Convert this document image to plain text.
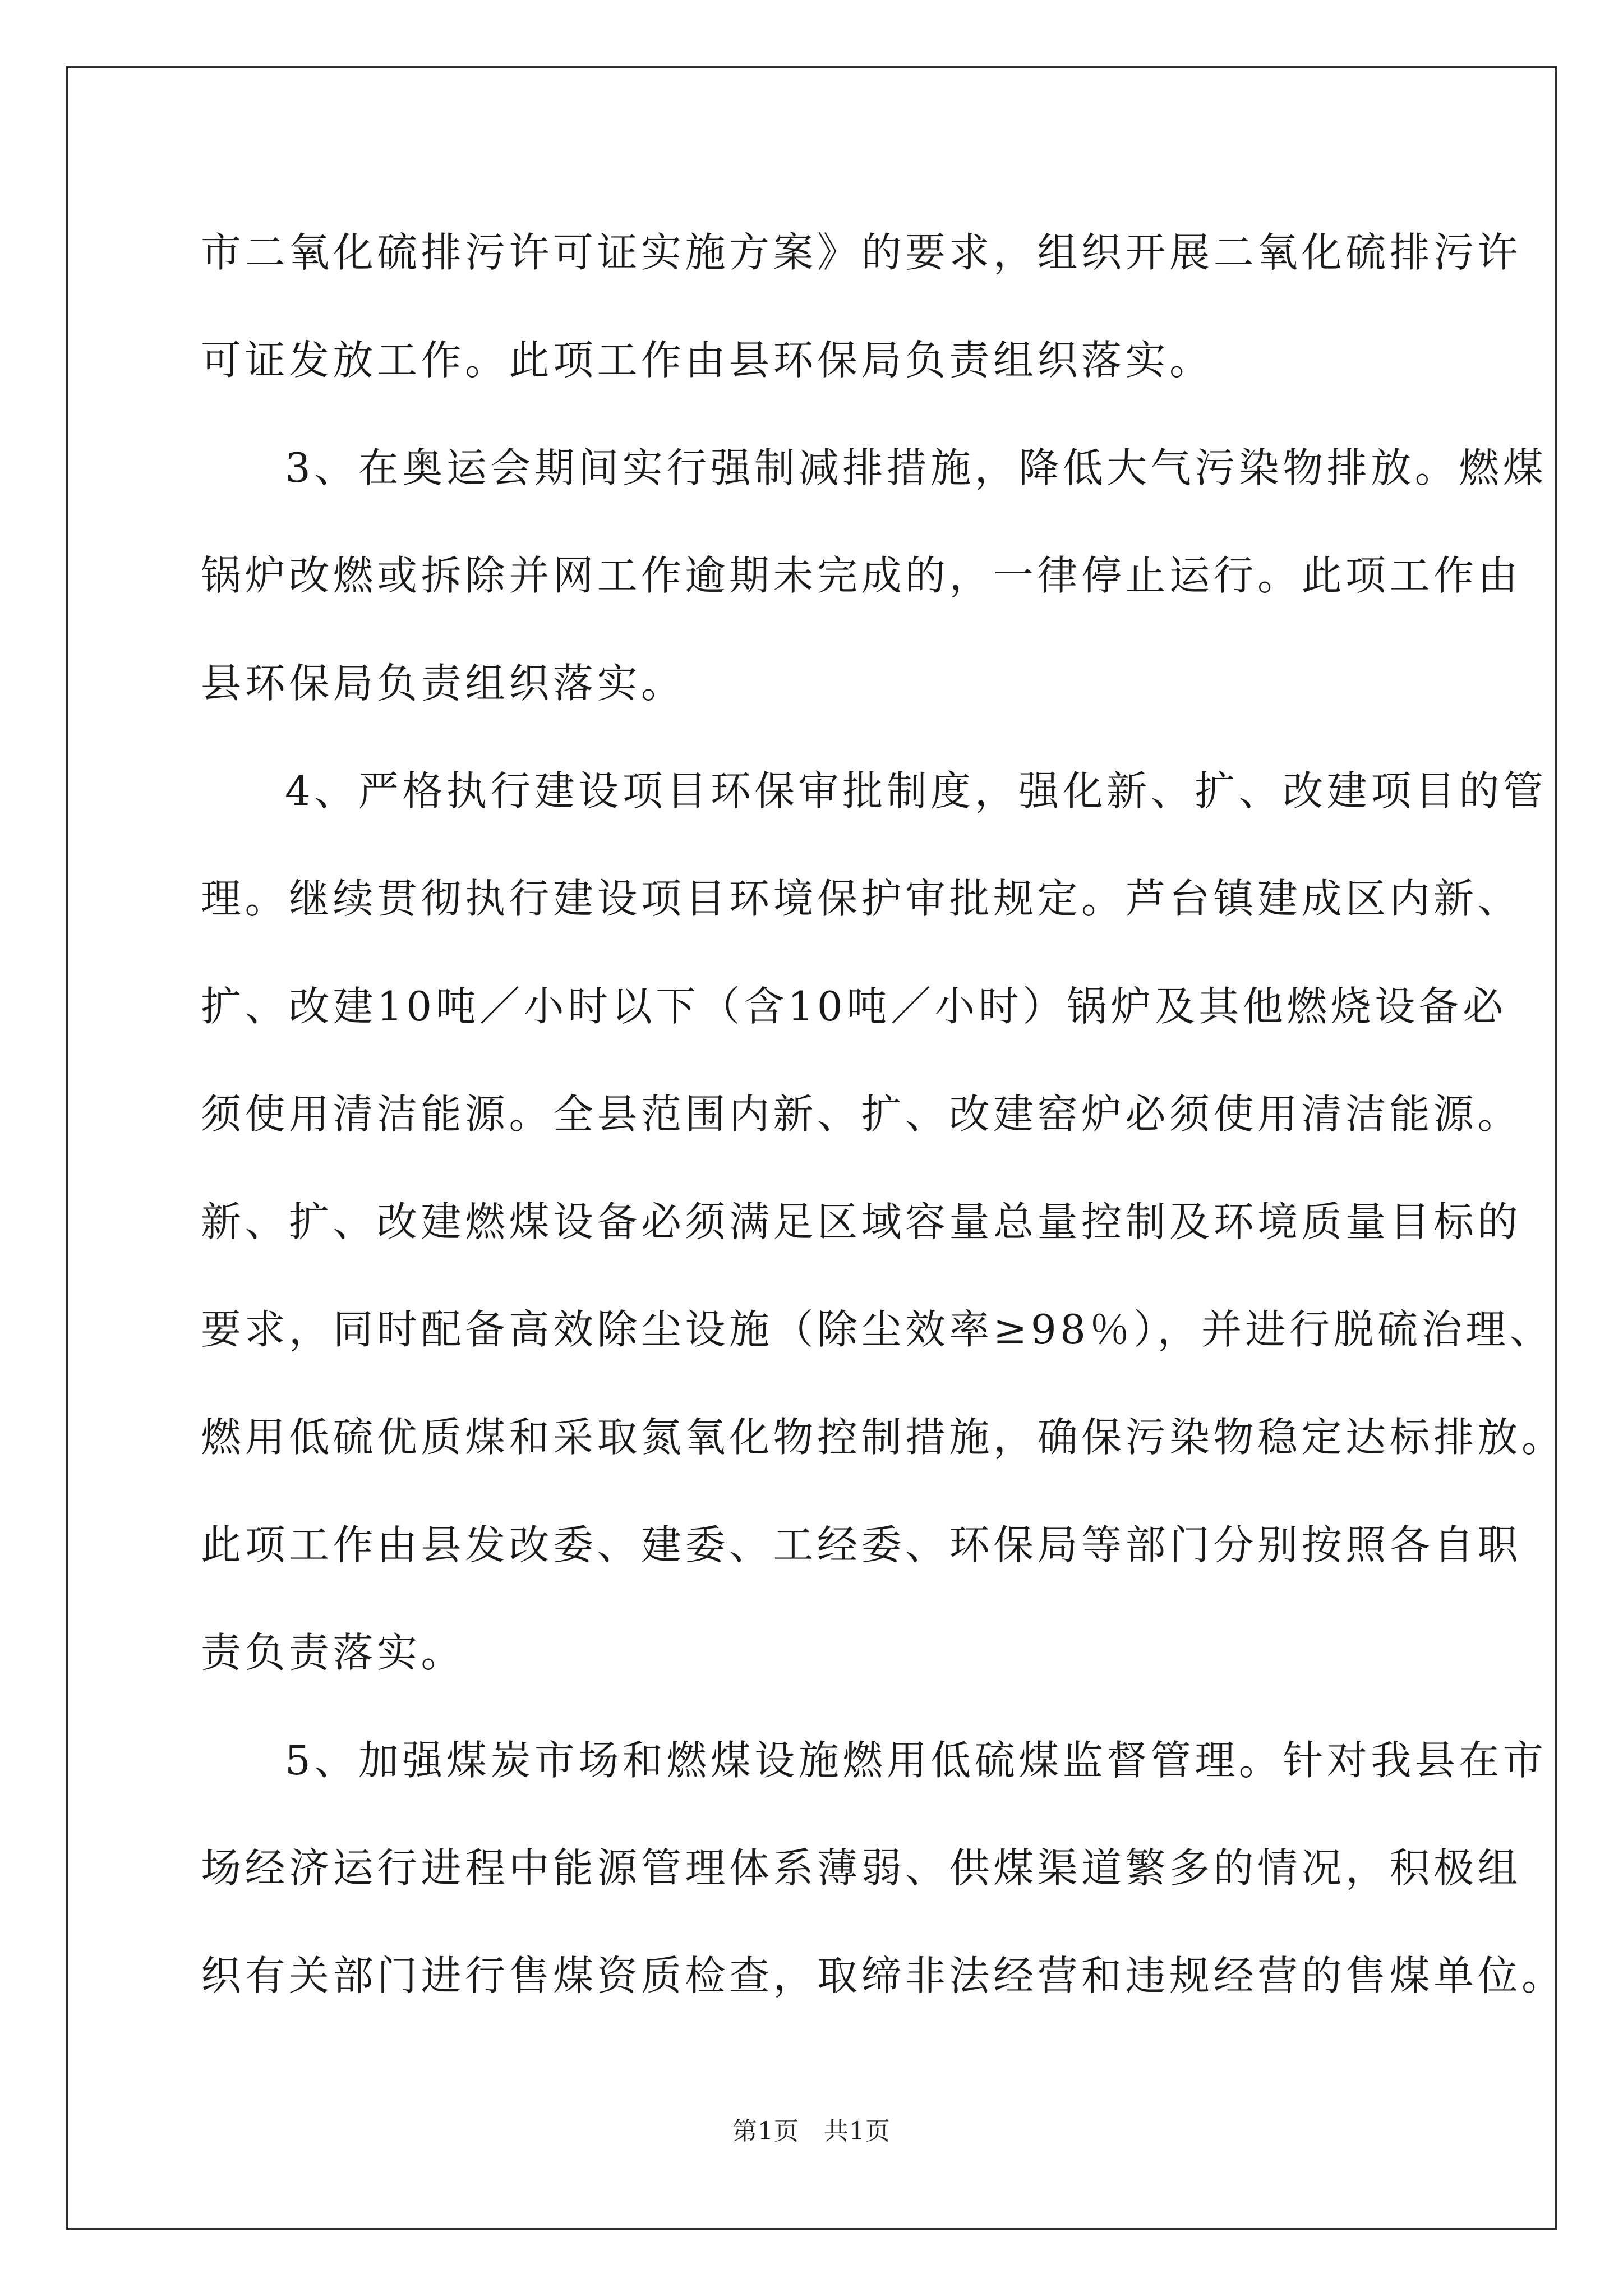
市二氧化硫排污许可证实施方案》的要求，组织开展二氧化硫排污许
可证发放工作。此项工作由县环保局负责组织落实。
3、在奥运会期间实行强制减排措施，降低大气污染物排放。燃煤
锅炉改燃或拆除并网工作逾期未完成的，一律停止运行。此项工作由
县环保局负责组织落实。
4、严格执行建设项目环保审批制度，强化新、扩、改建项目的管
理。继续贯彻执行建设项目环境保护审批规定。芦台镇建成区内新、
扩、改建10吨／小时以下（含10吨／小时）锅炉及其他燃烧设备必
须使用清洁能源。全县范围内新、扩、改建窑炉必须使用清洁能源。
新、扩、改建燃煤设备必须满足区域容量总量控制及环境质量目标的
要求，同时配备高效除尘设施（除尘效率≥98％），并进行脱硫治理、
燃用低硫优质煤和采取氮氧化物控制措施，确保污染物稳定达标排放。
此项工作由县发改委、建委、工经委、环保局等部门分别按照各自职
责负责落实。
5、加强煤炭市场和燃煤设施燃用低硫煤监督管理。针对我县在市
场经济运行进程中能源管理体系薄弱、供煤渠道繁多的情况，积极组
织有关部门进行售煤资质检查，取缔非法经营和违规经营的售煤单位。
第1页 共1页
